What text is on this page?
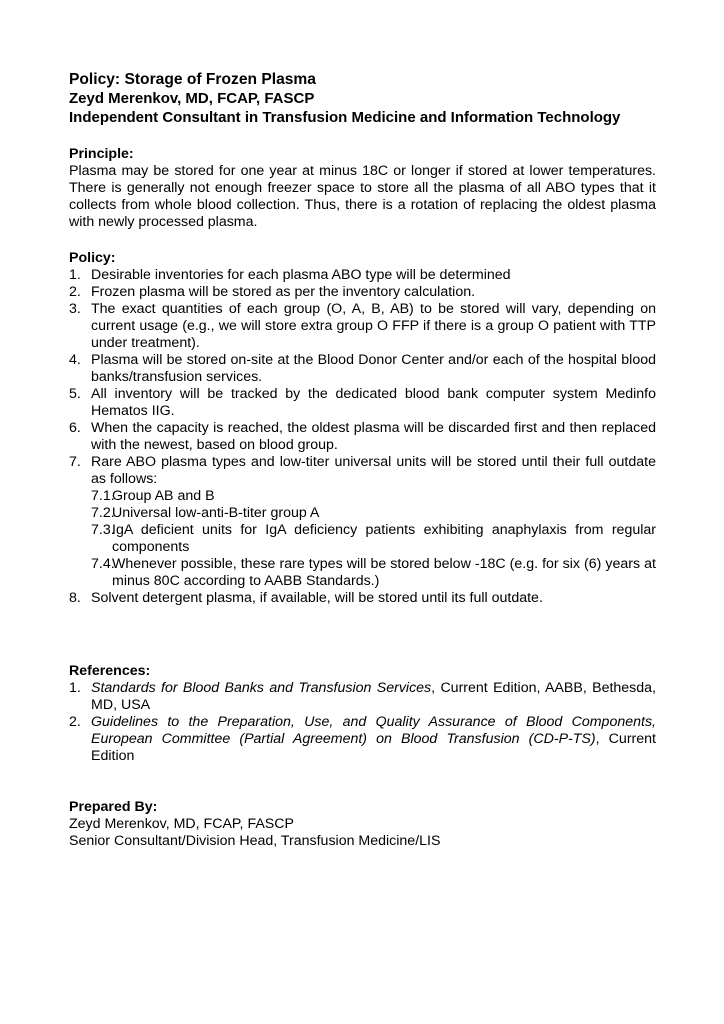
Policy: Storage of Frozen Plasma
Zeyd Merenkov, MD, FCAP, FASCP
Independent Consultant in Transfusion Medicine and Information Technology
Principle:

Plasma may be stored for one year at minus 18C or longer if stored at lower temperatures. There is generally not enough freezer space to store all the plasma of all ABO types that it collects from whole blood collection. Thus, there is a rotation of replacing the oldest plasma with newly processed plasma.

Policy:
1. Desirable inventories for each plasma ABO type will be determined
2. Frozen plasma will be stored as per the inventory calculation.
3. The exact quantities of each group (O, A, B, AB) to be stored will vary, depending on current usage (e.g., we will store extra group O FFP if there is a group O patient with TTP under treatment).
4. Plasma will be stored on-site at the Blood Donor Center and/or each of the hospital blood banks/transfusion services.
5. All inventory will be tracked by the dedicated blood bank computer system Medinfo Hematos IIG.
6. When the capacity is reached, the oldest plasma will be discarded first and then replaced with the newest, based on blood group.
7. Rare ABO plasma types and low-titer universal units will be stored until their full outdate as follows:
7.1.
Group AB and B
7.2.
Universal low-anti-B-titer group A
7.3.
IgA deficient units for IgA deficiency patients exhibiting anaphylaxis from regular components
7.4.
Whenever possible, these rare types will be stored below -18C (e.g. for six (6) years at minus 80C according to AABB Standards.)
8. Solvent detergent plasma, if available, will be stored until its full outdate.
References:
1. Standards for Blood Banks and Transfusion Services, Current Edition, AABB, Bethesda, MD, USA
2. Guidelines to the Preparation, Use, and Quality Assurance of Blood Components, European Committee (Partial Agreement) on Blood Transfusion (CD-P-TS), Current Edition
Prepared By:
Zeyd Merenkov, MD, FCAP, FASCP
Senior Consultant/Division Head, Transfusion Medicine/LIS
